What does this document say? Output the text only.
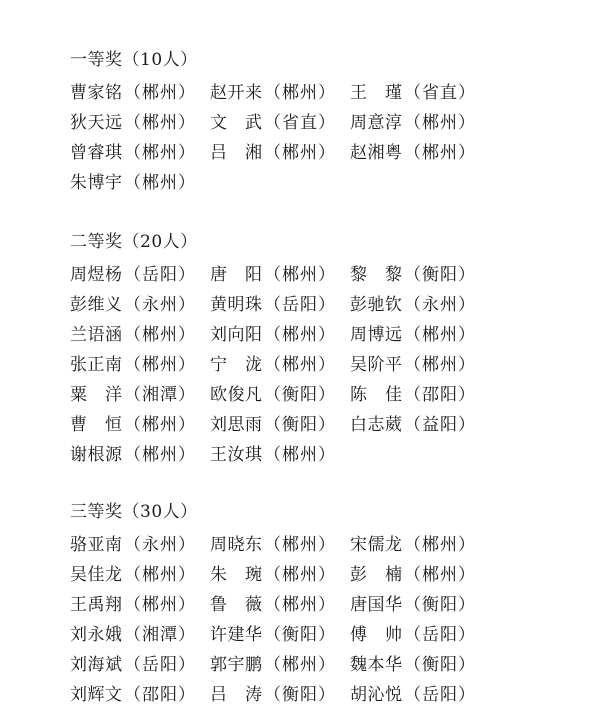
一等奖（10人）
曹家铭 （郴州） 赵开来 （郴州） 王 瑾 （省直）
狄天远 （郴州） 文 武 （省直） 周意淳 （郴州）
曾睿琪 （郴州） 吕 湘 （郴州） 赵湘粤 （郴州）
朱博宇 （郴州）
二等奖（20人）
周煜杨 （岳阳） 唐 阳 （郴州） 黎 黎 （衡阳）
彭维义 （永州） 黄明珠 （岳阳） 彭驰钦 （永州）
兰语涵 （郴州） 刘向阳 （郴州） 周博远 （郴州）
张正南 （郴州） 宁 泷 （郴州） 吴阶平 （郴州）
粟 洋 （湘潭） 欧俊凡 （衡阳） 陈 佳 （邵阳）
曹 恒 （郴州） 刘思雨 （衡阳） 白志葳 （益阳）
谢根源 （郴州） 王汝琪 （郴州）
三等奖（30人）
骆亚南 （永州） 周晓东 （郴州） 宋儒龙 （郴州）
吴佳龙 （郴州） 朱 琬 （郴州） 彭 楠 （郴州）
王禹翔 （郴州） 鲁 薇 （郴州） 唐国华 （衡阳）
刘永娥 （湘潭） 许建华 （衡阳） 傅 帅 （岳阳）
刘海斌 （岳阳） 郭宇鹏 （郴州） 魏本华 （衡阳）
刘辉文 （邵阳） 吕 涛 （衡阳） 胡沁悦 （岳阳）
